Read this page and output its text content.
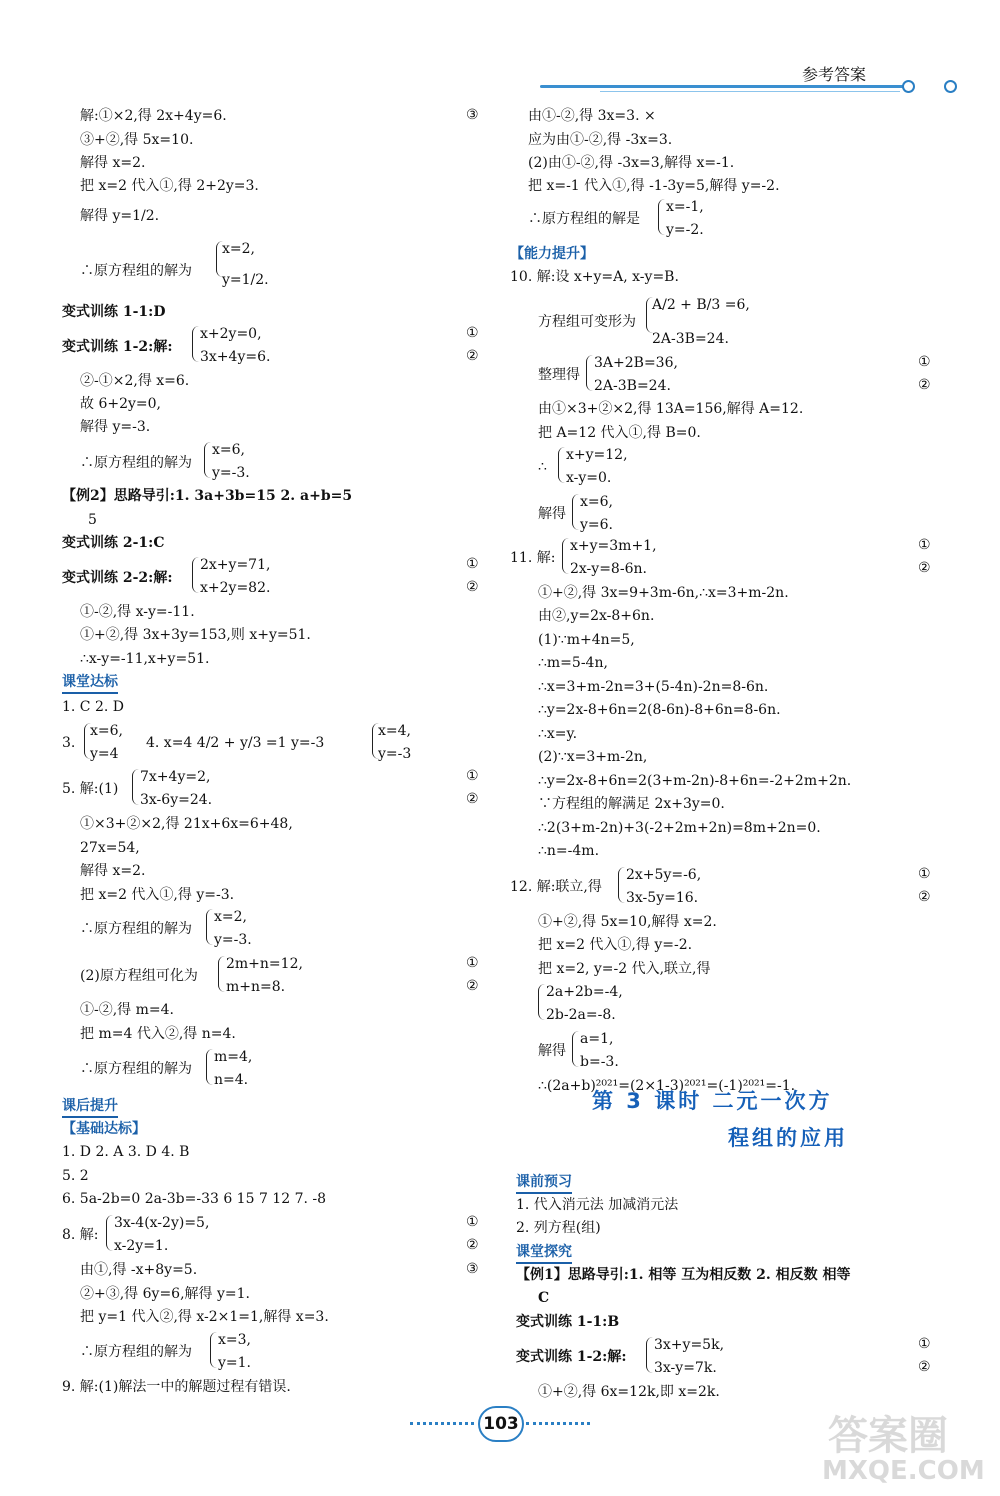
参考答案
解:①×2,得 2x+4y=6.
③+②,得 5x=10.
解得 x=2.
把 x=2 代入①,得 2+2y=3.
解得 y=1/2.
∴原方程组的解为
x=2,
y=1/2.
变式训练 1-1:D
变式训练 1-2:解:
x+2y=0,
3x+4y=6.
②-①×2,得 x=6.
故 6+2y=0,
解得 y=-3.
∴原方程组的解为
x=6,
y=-3.
【例2】思路导引:1. 3a+3b=15 2. a+b=5
5
变式训练 2-1:C
变式训练 2-2:解:
2x+y=71,
x+2y=82.
①-②,得 x-y=-11.
①+②,得 3x+3y=153,则 x+y=51.
∴x-y=-11,x+y=51.
1. C 2. D
3.
x=6,
y=4
4. x=4 4/2 + y/3 =1 y=-3
x=4,
y=-3
5. 解:(1)
7x+4y=2,
3x-6y=24.
①×3+②×2,得 21x+6x=6+48,
27x=54,
解得 x=2.
把 x=2 代入①,得 y=-3.
∴原方程组的解为
x=2,
y=-3.
(2)原方程组可化为
2m+n=12,
m+n=8.
①-②,得 m=4.
把 m=4 代入②,得 n=4.
∴原方程组的解为
m=4,
n=4.
【基础达标】
1. D 2. A 3. D 4. B
5. 2
6. 5a-2b=0 2a-3b=-33 6 15 7 12 7. -8
8. 解:
3x-4(x-2y)=5,
x-2y=1.
由①,得 -x+8y=5.
②+③,得 6y=6,解得 y=1.
把 y=1 代入②,得 x-2×1=1,解得 x=3.
∴原方程组的解为
x=3,
y=1.
9. 解:(1)解法一中的解题过程有错误.
③
①
②
①
②
①
②
①
②
①
②
③
课堂达标
课后提升
由①-②,得 3x=3. ×
应为由①-②,得 -3x=3.
(2)由①-②,得 -3x=3,解得 x=-1.
把 x=-1 代入①,得 -1-3y=5,解得 y=-2.
∴原方程组的解是
x=-1,
y=-2.
【能力提升】
10. 解:设 x+y=A, x-y=B.
方程组可变形为
A/2 + B/3 =6,
2A-3B=24.
整理得
3A+2B=36,
2A-3B=24.
由①×3+②×2,得 13A=156,解得 A=12.
把 A=12 代入①,得 B=0.
∴
x+y=12,
x-y=0.
解得
x=6,
y=6.
11. 解:
x+y=3m+1,
2x-y=8-6n.
①+②,得 3x=9+3m-6n,∴x=3+m-2n.
由②,y=2x-8+6n.
(1)∵m+4n=5,
∴m=5-4n,
∴x=3+m-2n=3+(5-4n)-2n=8-6n.
∴y=2x-8+6n=2(8-6n)-8+6n=8-6n.
∴x=y.
(2)∵x=3+m-2n,
∴y=2x-8+6n=2(3+m-2n)-8+6n=-2+2m+2n.
∵方程组的解满足 2x+3y=0.
∴2(3+m-2n)+3(-2+2m+2n)=8m+2n=0.
∴n=-4m.
12. 解:联立,得
2x+5y=-6,
3x-5y=16.
①+②,得 5x=10,解得 x=2.
把 x=2 代入①,得 y=-2.
把 x=2, y=-2 代入,联立,得
2a+2b=-4,
2b-2a=-8.
解得
a=1,
b=-3.
∴(2a+b)²⁰²¹=(2×1-3)²⁰²¹=(-1)²⁰²¹=-1.
1. 代入消元法 加减消元法
2. 列方程(组)
【例1】思路导引:1. 相等 互为相反数 2. 相反数 相等
C
变式训练 1-1:B
变式训练 1-2:解:
3x+y=5k,
3x-y=7k.
①+②,得 6x=12k,即 x=2k.
①
②
①
②
①
②
①
②
课前预习
课堂探究
第 3 课时 二元一次方
程组的应用
103	答案圈
MXQE.COM
